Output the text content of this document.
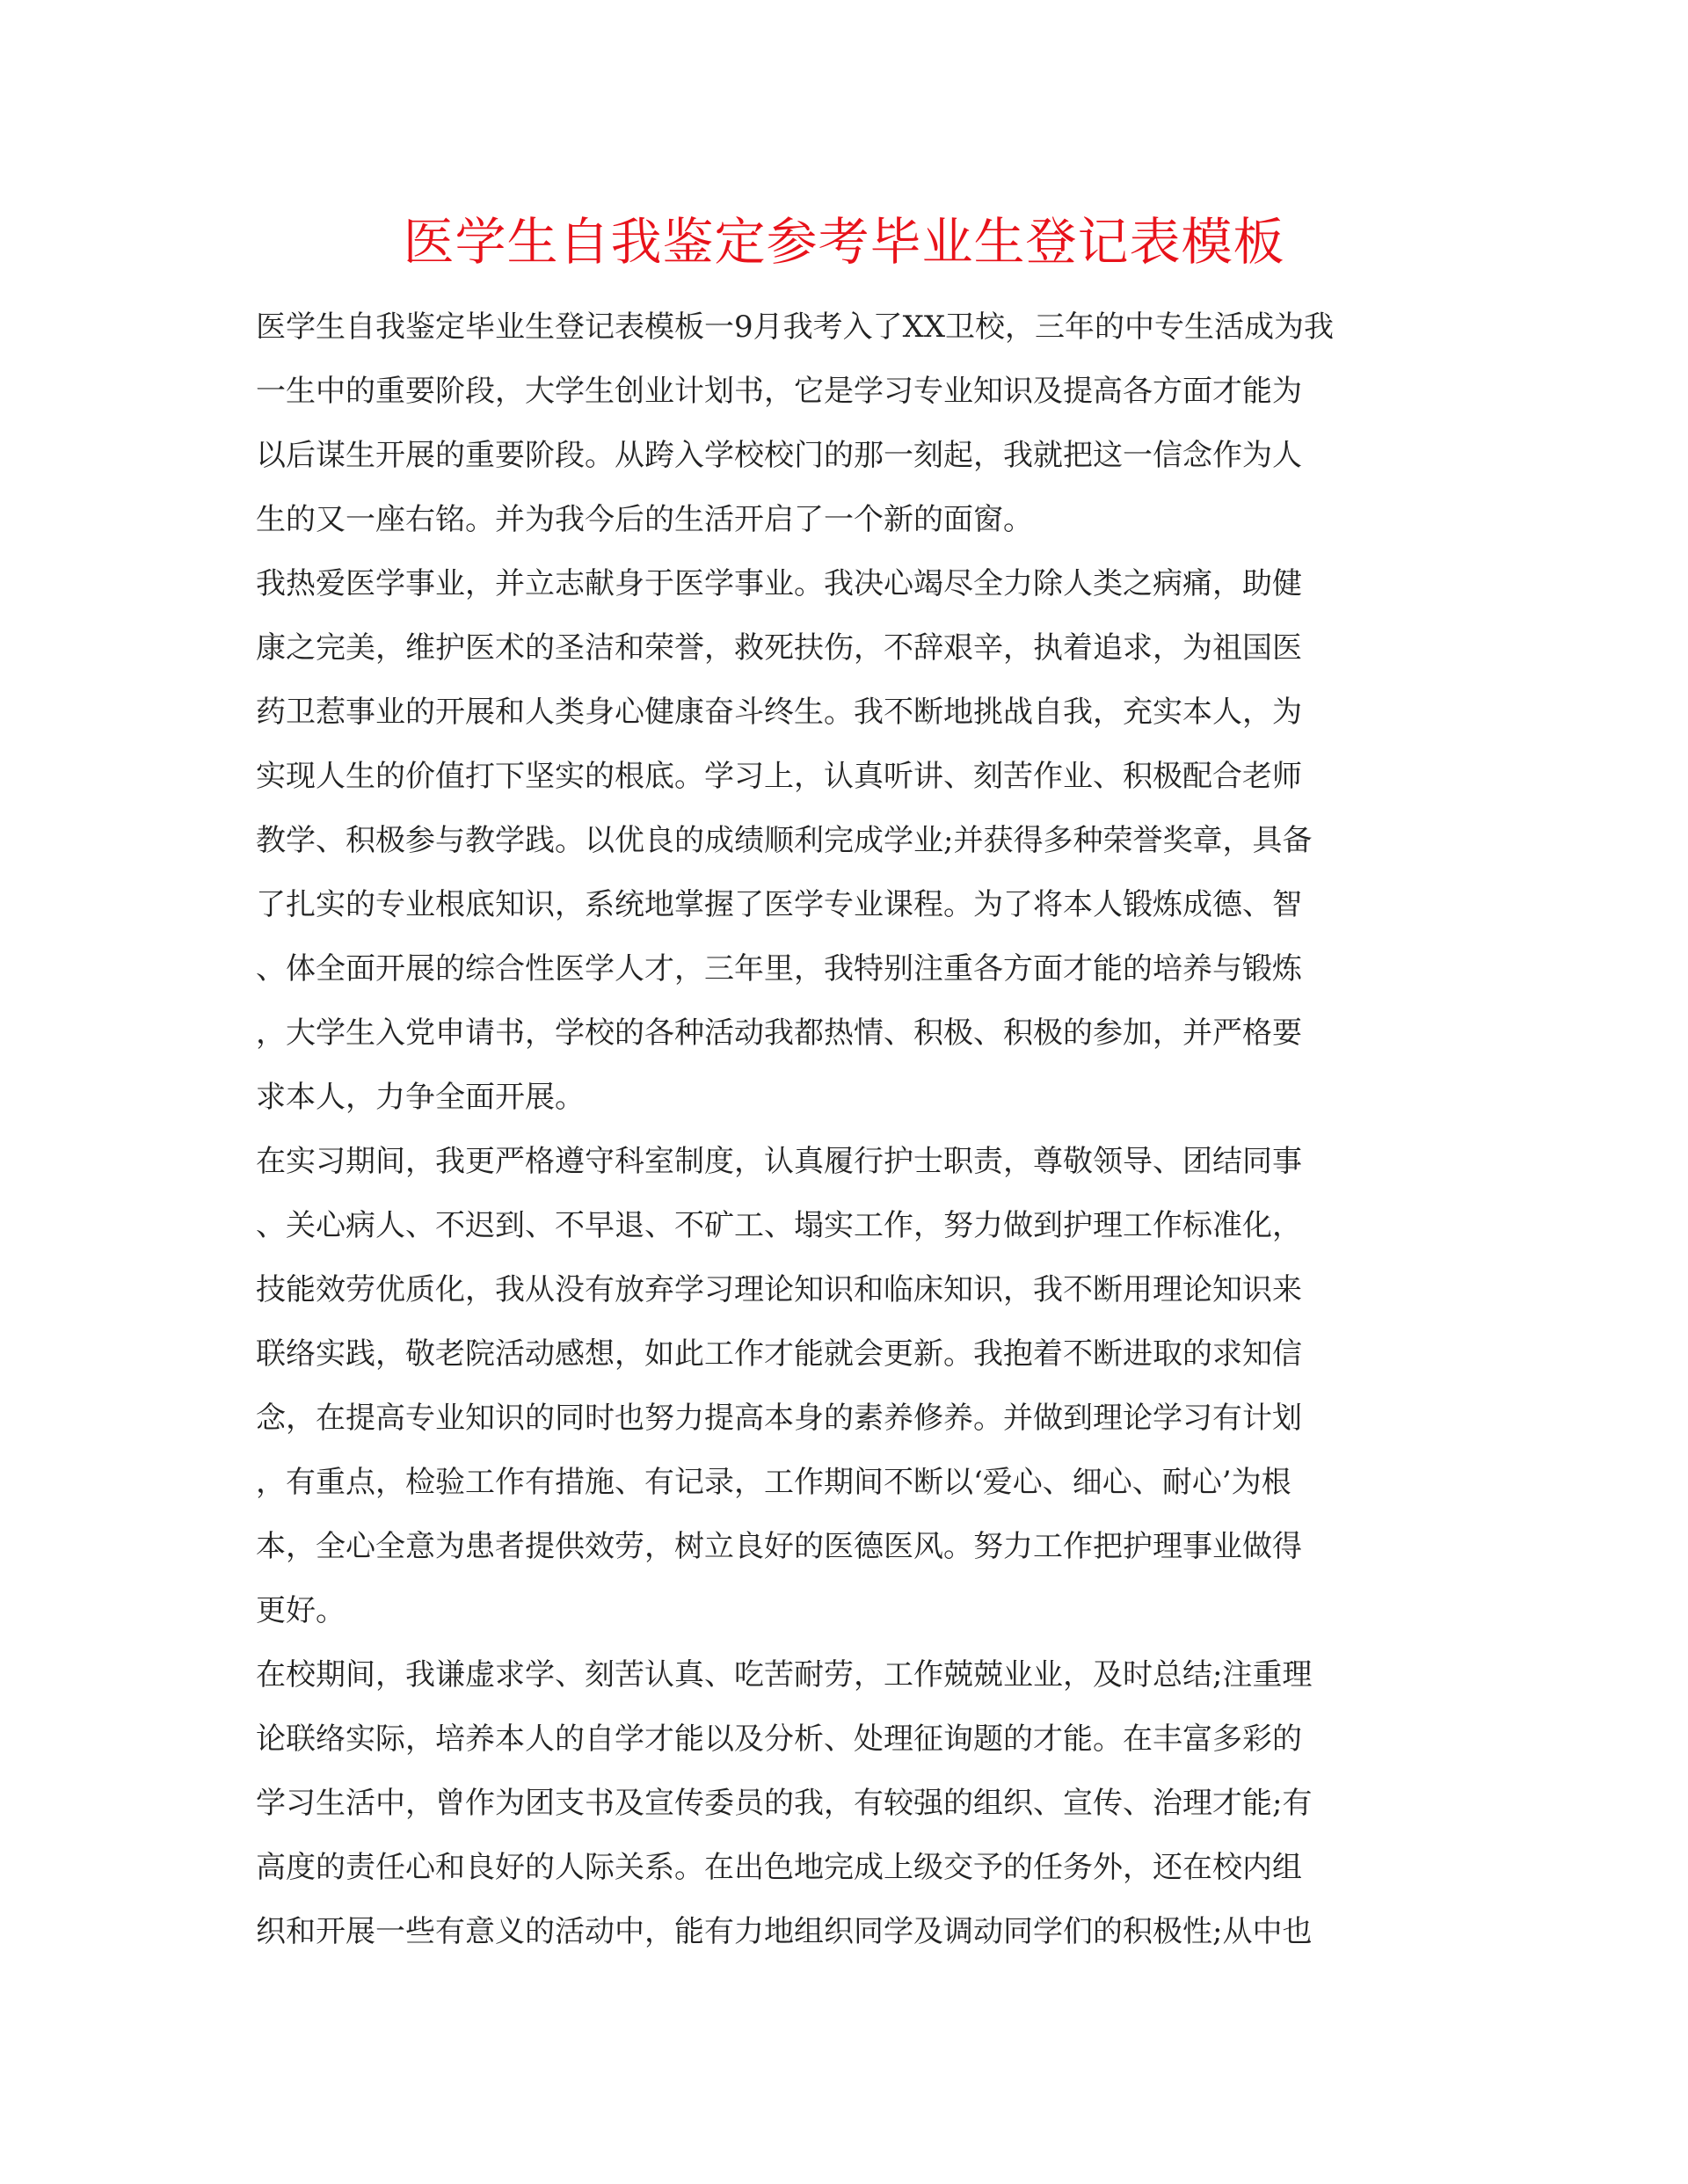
医学生自我鉴定参考毕业生登记表模板
医学生自我鉴定毕业生登记表模板一9月我考入了XX卫校，三年的中专生活成为我
一生中的重要阶段，大学生创业计划书，它是学习专业知识及提高各方面才能为
以后谋生开展的重要阶段。从跨入学校校门的那一刻起，我就把这一信念作为人
生的又一座右铭。并为我今后的生活开启了一个新的面窗。
我热爱医学事业，并立志献身于医学事业。我决心竭尽全力除人类之病痛，助健
康之完美，维护医术的圣洁和荣誉，救死扶伤，不辞艰辛，执着追求，为祖国医
药卫惹事业的开展和人类身心健康奋斗终生。我不断地挑战自我，充实本人，为
实现人生的价值打下坚实的根底。学习上，认真听讲、刻苦作业、积极配合老师
教学、积极参与教学践。以优良的成绩顺利完成学业;并获得多种荣誉奖章，具备
了扎实的专业根底知识，系统地掌握了医学专业课程。为了将本人锻炼成德、智
、体全面开展的综合性医学人才，三年里，我特别注重各方面才能的培养与锻炼
，大学生入党申请书，学校的各种活动我都热情、积极、积极的参加，并严格要
求本人，力争全面开展。
在实习期间，我更严格遵守科室制度，认真履行护士职责，尊敬领导、团结同事
、关心病人、不迟到、不早退、不矿工、塌实工作，努力做到护理工作标准化，
技能效劳优质化，我从没有放弃学习理论知识和临床知识，我不断用理论知识来
联络实践，敬老院活动感想，如此工作才能就会更新。我抱着不断进取的求知信
念，在提高专业知识的同时也努力提高本身的素养修养。并做到理论学习有计划
，有重点，检验工作有措施、有记录，工作期间不断以‘爱心、细心、耐心’为根
本，全心全意为患者提供效劳，树立良好的医德医风。努力工作把护理事业做得
更好。
在校期间，我谦虚求学、刻苦认真、吃苦耐劳，工作兢兢业业，及时总结;注重理
论联络实际，培养本人的自学才能以及分析、处理征询题的才能。在丰富多彩的
学习生活中，曾作为团支书及宣传委员的我，有较强的组织、宣传、治理才能;有
高度的责任心和良好的人际关系。在出色地完成上级交予的任务外，还在校内组
织和开展一些有意义的活动中，能有力地组织同学及调动同学们的积极性;从中也
